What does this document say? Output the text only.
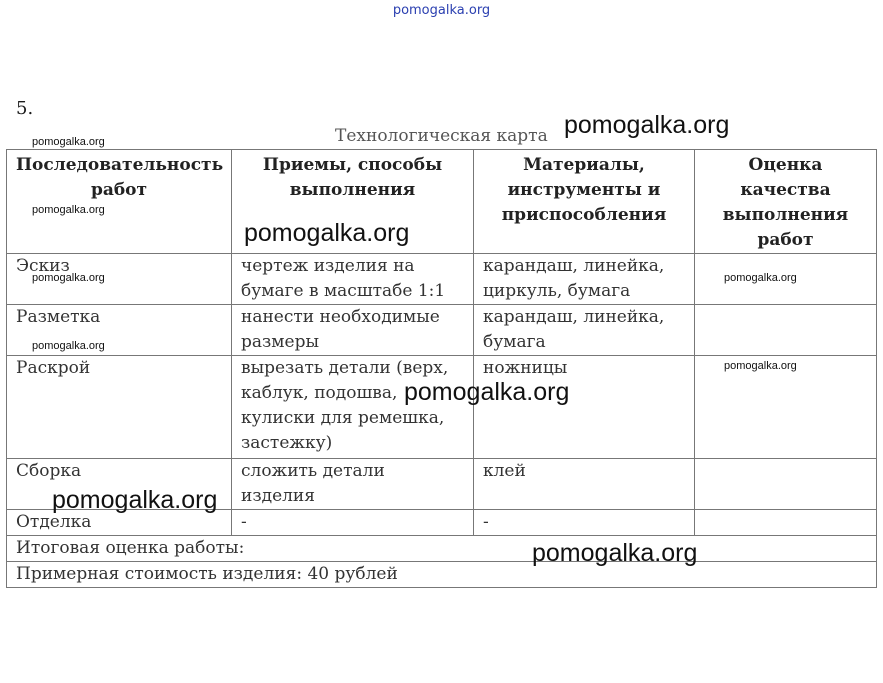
pomogalka.org
5.
Технологическая карта
Последовательность работ	Приемы, способы выполнения	Материалы, инструменты и приспособления	Оценка качества выполнения работ
Эскиз	чертеж изделия на бумаге в масштабе 1:1	карандаш, линейка, циркуль, бумага	
Разметка	нанести необходимые размеры	карандаш, линейка, бумага	
Раскрой	вырезать детали (верх, каблук, подошва, кулиски для ремешка, застежку)	ножницы	
Сборка	сложить детали изделия	клей	
Отделка	-	-	
Итоговая оценка работы:			
Примерная стоимость изделия: 40 рублей			
pomogalka.org
pomogalka.org
pomogalka.org
pomogalka.org
pomogalka.org	pomogalka.org
pomogalka.org
pomogalka.org
pomogalka.org
pomogalka.org
pomogalka.org
